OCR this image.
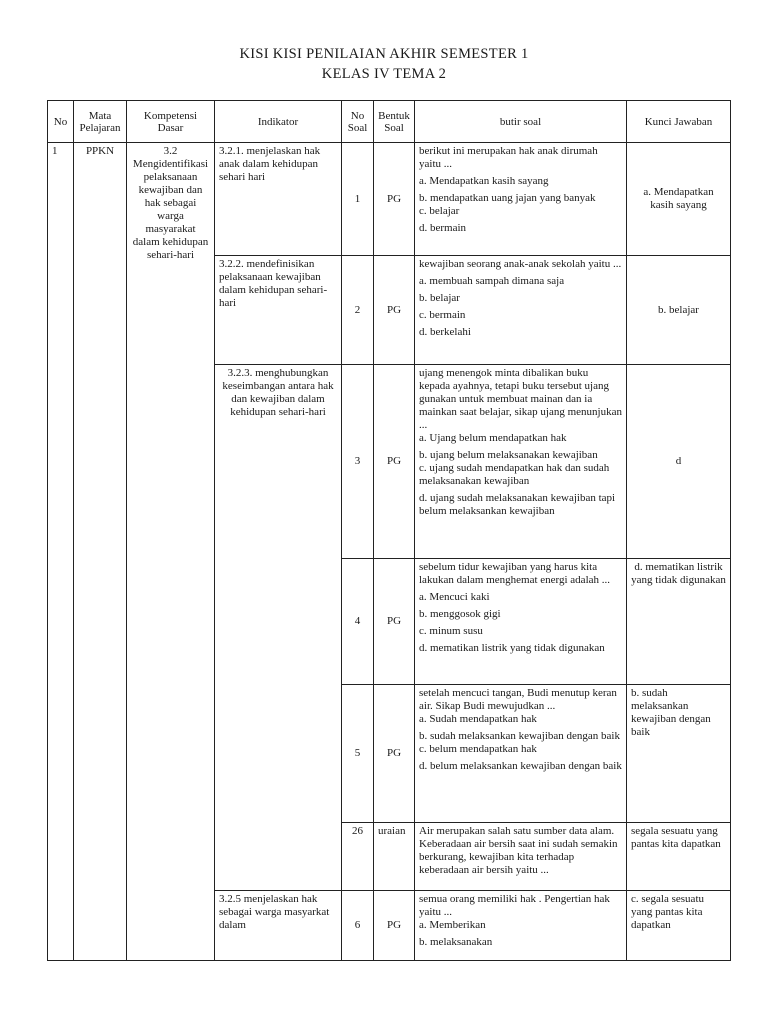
KISI KISI PENILAIAN AKHIR SEMESTER 1
KELAS IV TEMA 2
No	Mata Pelajaran	Kompetensi Dasar	Indikator	No Soal	Bentuk Soal	butir soal	Kunci Jawaban
1	PPKN	3.2 Mengidentifikasi pelaksanaan kewajiban dan hak sebagai warga masyarakat dalam kehidupan sehari-hari	3.2.1. menjelaskan hak anak dalam kehidupan sehari hari	1	PG	berikut ini merupakan hak anak dirumah yaitu ...
a. Mendapatkan kasih sayang
b. mendapatkan uang jajan yang banyak
c. belajar
d. bermain	a. Mendapatkan kasih sayang
			3.2.2. mendefinisikan pelaksanaan kewajiban dalam kehidupan sehari-hari	2	PG	kewajiban seorang anak-anak sekolah yaitu ...
a. membuah sampah dimana saja
b. belajar
c. bermain
d. berkelahi	b. belajar
			3.2.3. menghubungkan keseimbangan antara hak dan kewajiban dalam kehidupan sehari-hari	3	PG	ujang menengok minta dibalikan buku kepada ayahnya, tetapi buku tersebut ujang gunakan untuk membuat mainan dan ia mainkan saat belajar, sikap ujang menunjukan ...
a. Ujang belum mendapatkan hak
b. ujang belum melaksanakan kewajiban
c. ujang sudah mendapatkan hak dan sudah melaksanakan kewajiban
d. ujang sudah melaksanakan kewajiban tapi belum melaksankan kewajiban	d
				4	PG	sebelum tidur kewajiban yang harus kita lakukan dalam menghemat energi adalah ...
a. Mencuci kaki
b. menggosok gigi
c. minum susu
d. mematikan listrik yang tidak digunakan	d. mematikan listrik yang tidak digunakan
				5	PG	setelah mencuci tangan, Budi menutup keran air. Sikap Budi mewujudkan ...
a. Sudah mendapatkan hak
b. sudah melaksankan kewajiban dengan baik
c. belum mendapatkan hak
d. belum melaksankan kewajiban dengan baik	b. sudah melaksankan kewajiban dengan baik
				26	uraian	Air merupakan salah satu sumber data alam. Keberadaan air bersih saat ini sudah semakin berkurang, kewajiban kita terhadap keberadaan air bersih yaitu ...	segala sesuatu yang pantas kita dapatkan
			3.2.5 menjelaskan hak sebagai warga masyarkat dalam	6	PG	semua orang memiliki hak . Pengertian hak yaitu ...
a. Memberikan
b. melaksanakan	c. segala sesuatu yang pantas kita dapatkan
